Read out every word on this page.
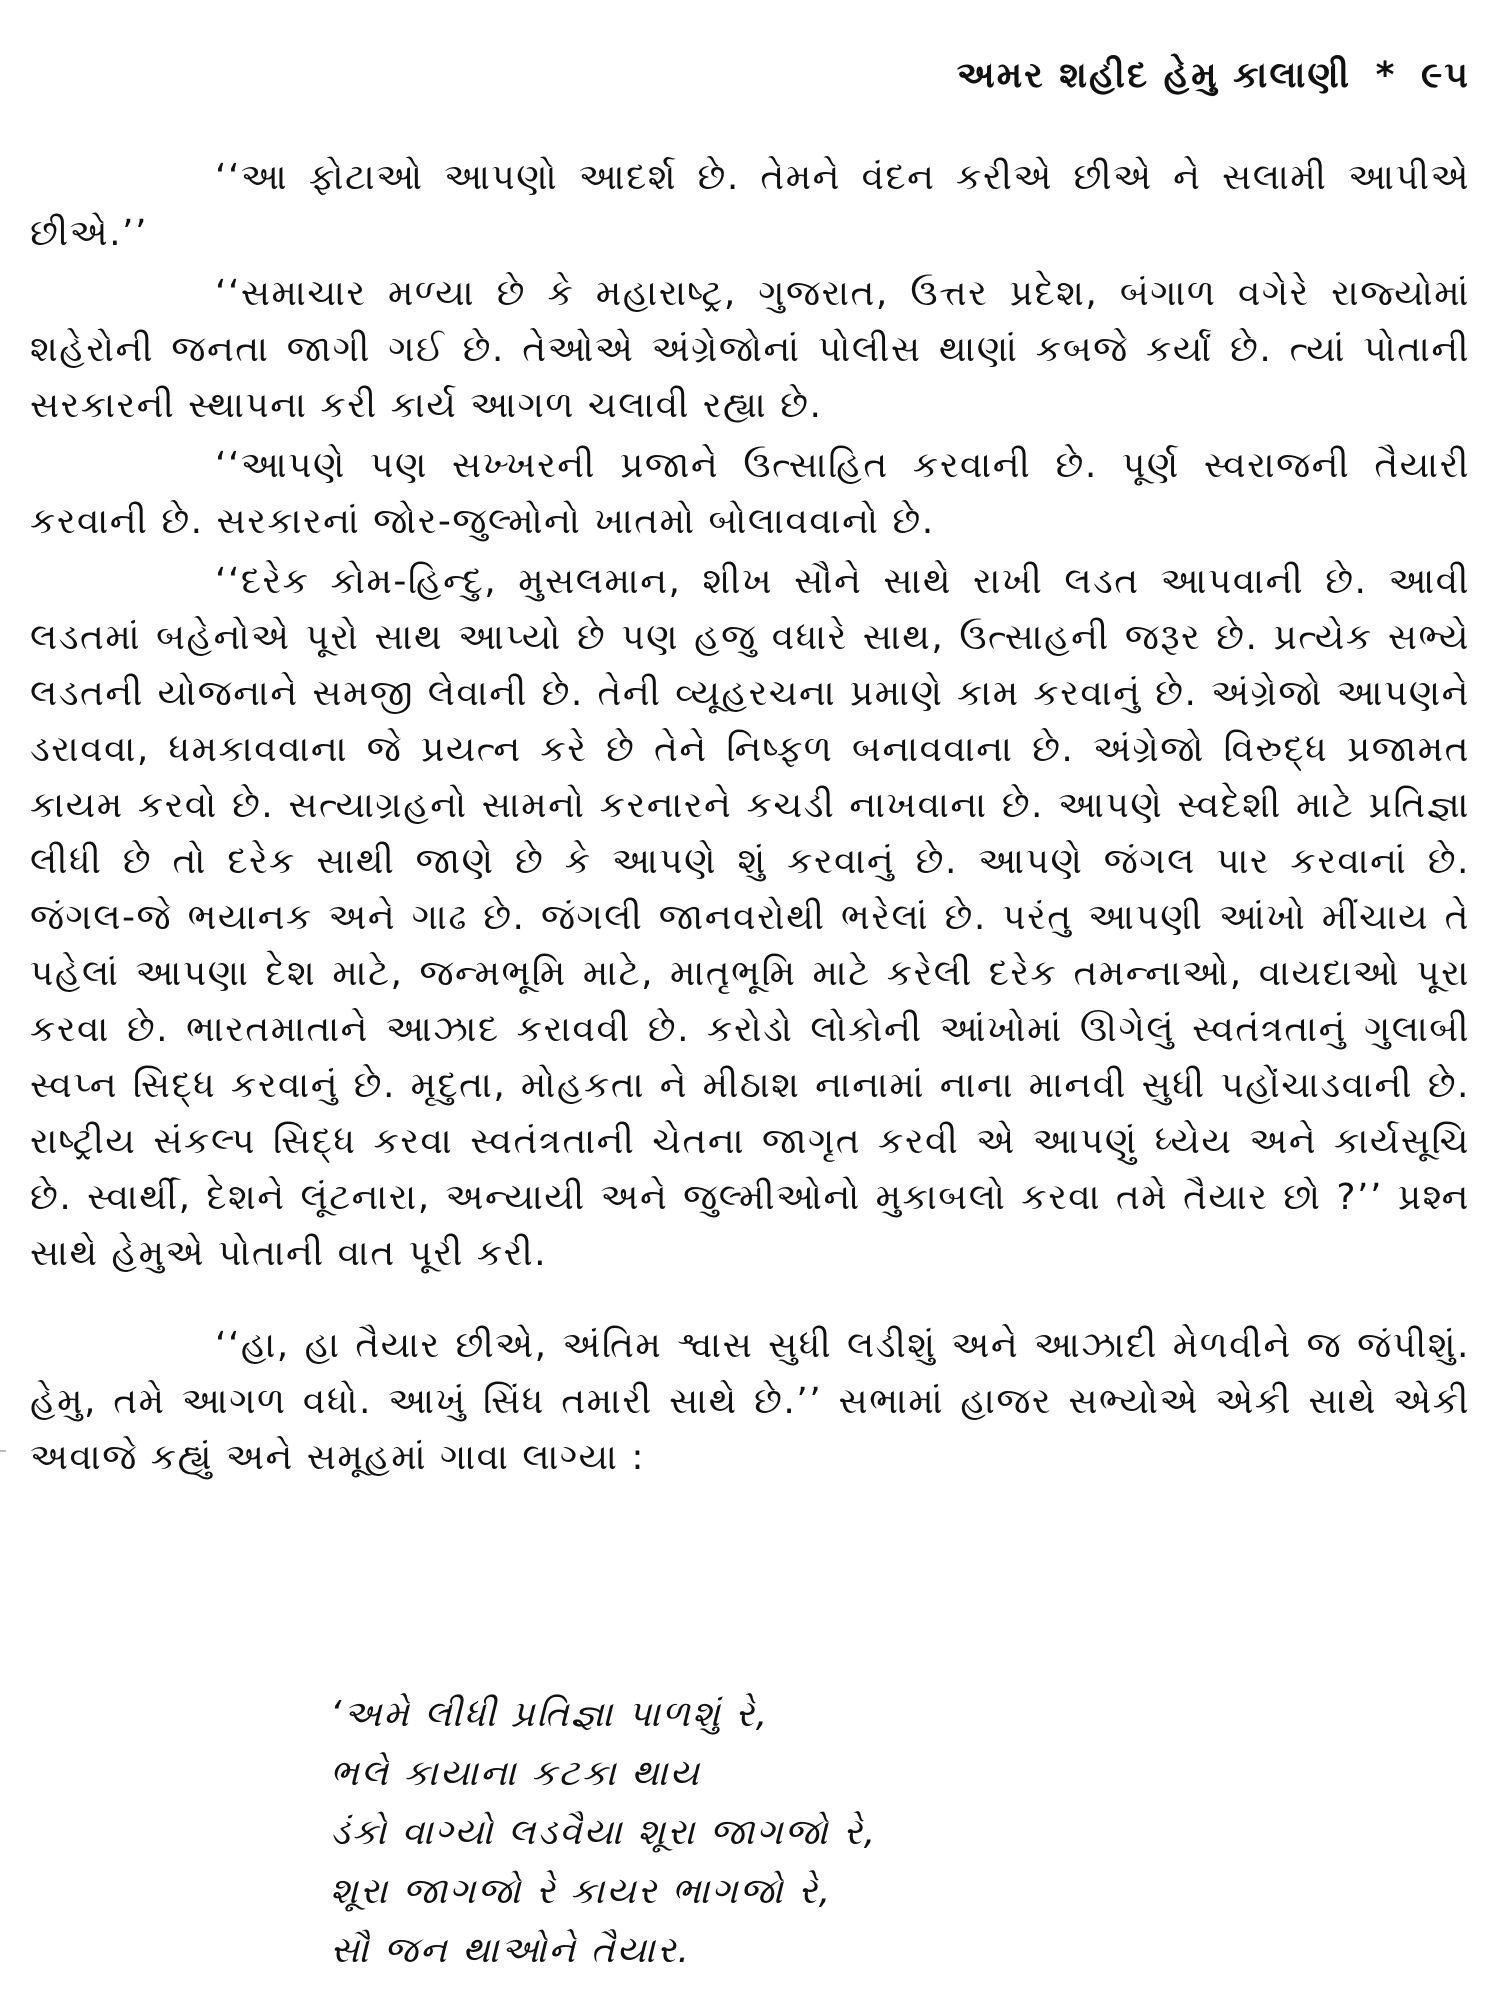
અમર શહીદ હેમુ કાલાણી * ૯૫

‘‘આ ફોટાઓ આપણો આદર્શ છે. તેમને વંદન કરીએ છીએ ને સલામી આપીએ છીએ.’’

‘‘સમાચાર મળ્યા છે કે મહારાષ્ટ્ર, ગુજરાત, ઉત્તર પ્રદેશ, બંગાળ વગેરે રાજ્યોમાં શહેરોની જનતા જાગી ગઈ છે. તેઓએ અંગ્રેજોનાં પોલીસ થાણાં કબજે કર્યાં છે. ત્યાં પોતાની સરકારની સ્થાપના કરી કાર્ય આગળ ચલાવી રહ્યા છે.

‘‘આપણે પણ સખ્ખરની પ્રજાને ઉત્સાહિત કરવાની છે. પૂર્ણ સ્વરાજની તૈયારી કરવાની છે. સરકારનાં જોર-જુલ્મોનો ખાતમો બોલાવવાનો છે.

‘‘દરેક કોમ-હિન્દુ, મુસલમાન, શીખ સૌને સાથે રાખી લડત આપવાની છે. આવી લડતમાં બહેનોએ પૂરો સાથ આપ્યો છે પણ હજુ વધારે સાથ, ઉત્સાહની જરૂર છે. પ્રત્યેક સભ્યે લડતની યોજનાને સમજી લેવાની છે. તેની વ્યૂહરચના પ્રમાણે કામ કરવાનું છે. અંગ્રેજો આપણને ડરાવવા, ધમકાવવાના જે પ્રયત્ન કરે છે તેને નિષ્ફળ બનાવવાના છે. અંગ્રેજો વિરુદ્ધ પ્રજામત કાયમ કરવો છે. સત્યાગ્રહનો સામનો કરનારને કચડી નાખવાના છે. આપણે સ્વદેશી માટે પ્રતિજ્ઞા લીધી છે તો દરેક સાથી જાણે છે કે આપણે શું કરવાનું છે. આપણે જંગલ પાર કરવાનાં છે. જંગલ-જે ભયાનક અને ગાઢ છે. જંગલી જાનવરોથી ભરેલાં છે. પરંતુ આપણી આંખો મીંચાય તે પહેલાં આપણા દેશ માટે, જન્મભૂમિ માટે, માતૃભૂમિ માટે કરેલી દરેક તમન્નાઓ, વાયદાઓ પૂરા કરવા છે. ભારતમાતાને આઝાદ કરાવવી છે. કરોડો લોકોની આંખોમાં ઊગેલું સ્વતંત્રતાનું ગુલાબી સ્વપ્ન સિદ્ધ કરવાનું છે. મૃદુતા, મોહકતા ને મીઠાશ નાનામાં નાના માનવી સુધી પહોંચાડવાની છે. રાષ્ટ્રીય સંકલ્પ સિદ્ધ કરવા સ્વતંત્રતાની ચેતના જાગૃત કરવી એ આપણું ધ્યેય અને કાર્યસૂચિ છે. સ્વાર્થી, દેશને લૂંટનારા, અન્યાયી અને જુલ્મીઓનો મુકાબલો કરવા તમે તૈયાર છો ?’’ પ્રશ્ન સાથે હેમુએ પોતાની વાત પૂરી કરી.

‘‘હા, હા તૈયાર છીએ, અંતિમ શ્વાસ સુધી લડીશું અને આઝાદી મેળવીને જ જંપીશું. હેમુ, તમે આગળ વધો. આખું સિંધ તમારી સાથે છે.’’ સભામાં હાજર સભ્યોએ એકી સાથે એકી અવાજે કહ્યું અને સમૂહમાં ગાવા લાગ્યા :

‘અમે લીધી પ્રતિજ્ઞા પાળશું રે,
ભલે કાયાના કટકા થાય
ડંકો વાગ્યો લડવૈયા શૂરા જાગજો રે,
શૂરા જાગજો રે કાયર ભાગજો રે,
સૌ જન થાઓને તૈયાર.
